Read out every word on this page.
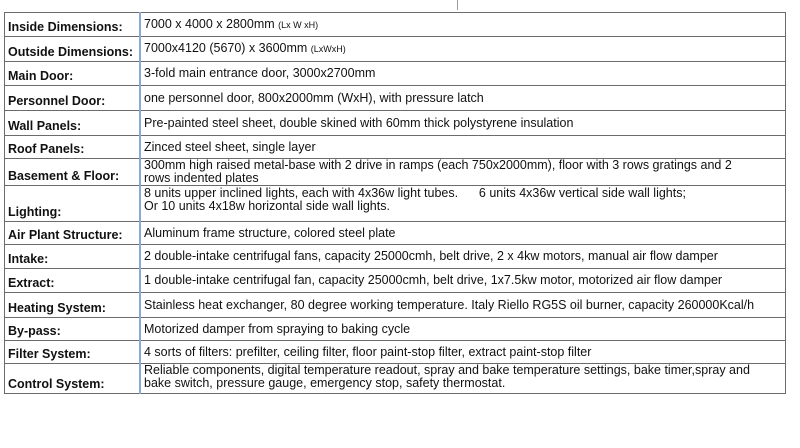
Inside Dimensions:	7000 x 4000 x 2800mm (Lx W xH)
Outside Dimensions:	7000x4120 (5670) x 3600mm (LxWxH)
Main Door:	3-fold main entrance door, 3000x2700mm
Personnel Door:	one personnel door, 800x2000mm (WxH), with pressure latch
Wall Panels:	Pre-painted steel sheet, double skined with 60mm thick polystyrene insulation
Roof Panels:	Zinced steel sheet, single layer
Basement & Floor:	300mm high raised metal-base with 2 drive in ramps (each 750x2000mm), floor with 3 rows gratings and 2
rows indented plates
Lighting:	8 units upper inclined lights, each with 4x36w light tubes.      6 units 4x36w vertical side wall lights;
Or 10 units 4x18w horizontal side wall lights.
Air Plant Structure:	Aluminum frame structure, colored steel plate
Intake:	2 double-intake centrifugal fans, capacity 25000cmh, belt drive, 2 x 4kw motors, manual air flow damper
Extract:	1 double-intake centrifugal fan, capacity 25000cmh, belt drive, 1x7.5kw motor, motorized air flow damper
Heating System:	Stainless heat exchanger, 80 degree working temperature. Italy Riello RG5S oil burner, capacity 260000Kcal/h
By-pass:	Motorized damper from spraying to baking cycle
Filter System:	4 sorts of filters: prefilter, ceiling filter, floor paint-stop filter, extract paint-stop filter
Control System:	Reliable components, digital temperature readout, spray and bake temperature settings, bake timer,spray and
bake switch, pressure gauge, emergency stop, safety thermostat.
